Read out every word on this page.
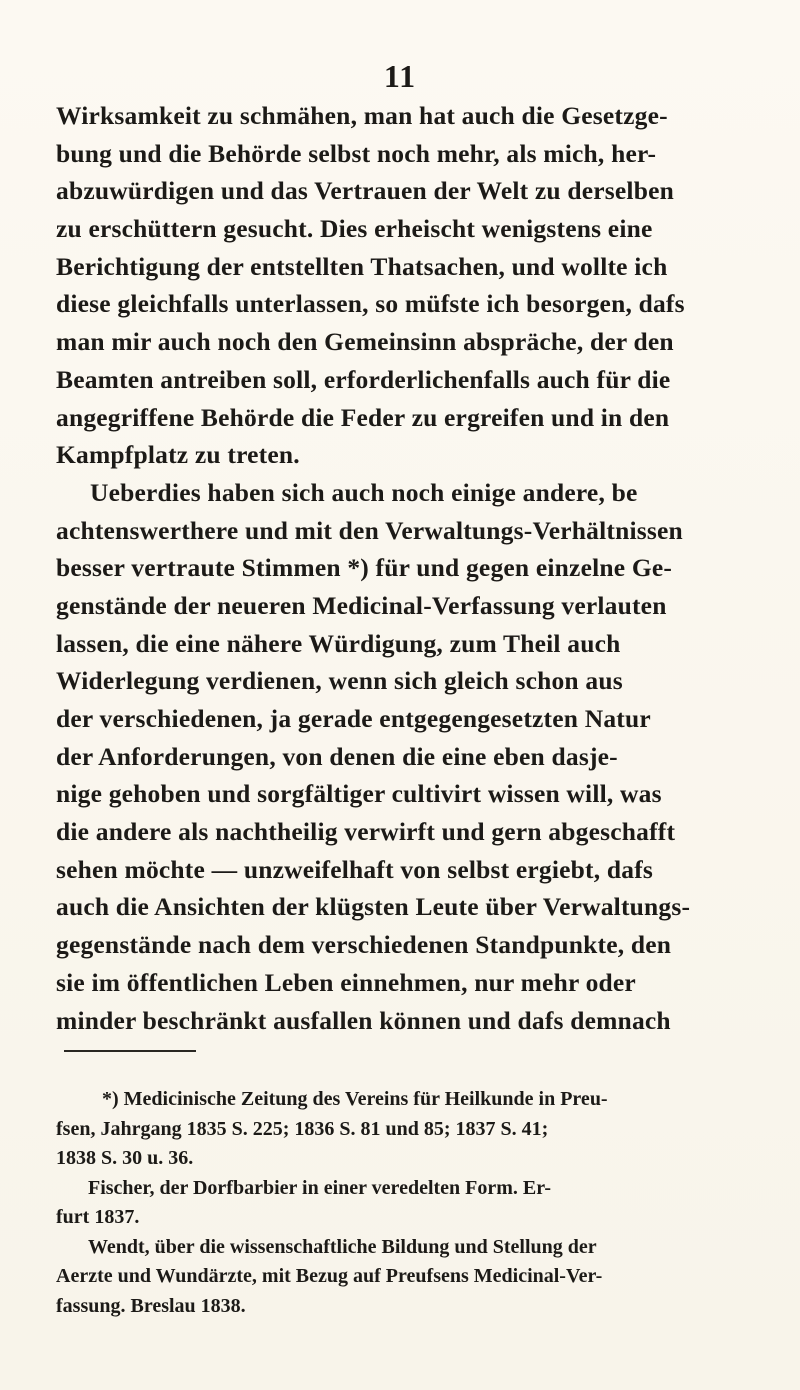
11
Wirksamkeit zu schmähen, man hat auch die Gesetzge-
bung und die Behörde selbst noch mehr, als mich, her-
abzuwürdigen und das Vertrauen der Welt zu derselben
zu erschüttern gesucht. Dies erheischt wenigstens eine
Berichtigung der entstellten Thatsachen, und wollte ich
diese gleichfalls unterlassen, so müfste ich besorgen, dafs
man mir auch noch den Gemeinsinn abspräche, der den
Beamten antreiben soll, erforderlichenfalls auch für die
angegriffene Behörde die Feder zu ergreifen und in den
Kampfplatz zu treten.
Ueberdies haben sich auch noch einige andere, be
achtenswerthere und mit den Verwaltungs-Verhältnissen
besser vertraute Stimmen *) für und gegen einzelne Ge-
genstände der neueren Medicinal-Verfassung verlauten
lassen, die eine nähere Würdigung, zum Theil auch
Widerlegung verdienen, wenn sich gleich schon aus
der verschiedenen, ja gerade entgegengesetzten Natur
der Anforderungen, von denen die eine eben dasje-
nige gehoben und sorgfältiger cultivirt wissen will, was
die andere als nachtheilig verwirft und gern abgeschafft
sehen möchte — unzweifelhaft von selbst ergiebt, dafs
auch die Ansichten der klügsten Leute über Verwaltungs-
gegenstände nach dem verschiedenen Standpunkte, den
sie im öffentlichen Leben einnehmen, nur mehr oder
minder beschränkt ausfallen können und dafs demnach
*) Medicinische Zeitung des Vereins für Heilkunde in Preu-
fsen, Jahrgang 1835 S. 225; 1836 S. 81 und 85; 1837 S. 41;
1838 S. 30 u. 36.
Fischer, der Dorfbarbier in einer veredelten Form. Er-
furt 1837.
Wendt, über die wissenschaftliche Bildung und Stellung der
Aerzte und Wundärzte, mit Bezug auf Preufsens Medicinal-Ver-
fassung. Breslau 1838.
